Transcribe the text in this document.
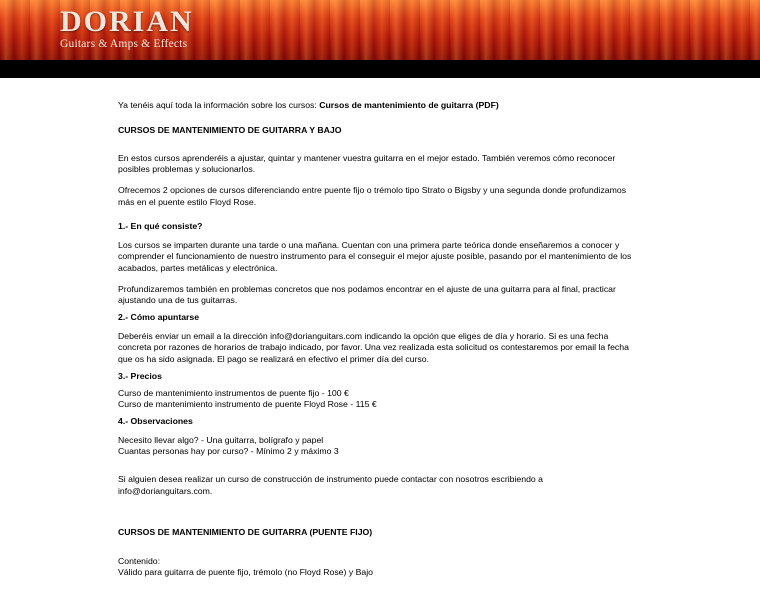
DORIAN
Guitars & Amps & Effects

Ya tenéis aquí toda la información sobre los cursos: Cursos de mantenimiento de guitarra (PDF)

CURSOS DE MANTENIMIENTO DE GUITARRA Y BAJO

En estos cursos aprenderéis a ajustar, quintar y mantener vuestra guitarra en el mejor estado. También veremos cómo reconocer
posibles problemas y solucionarlos.

Ofrecemos 2 opciones de cursos diferenciando entre puente fijo o trémolo tipo Strato o Bigsby y una segunda donde profundizamos
más en el puente estilo Floyd Rose.

1.- En qué consiste?

Los cursos se imparten durante una tarde o una mañana. Cuentan con una primera parte teórica donde enseñaremos a conocer y
comprender el funcionamiento de nuestro instrumento para el conseguir el mejor ajuste posible, pasando por el mantenimiento de los
acabados, partes metálicas y electrónica.

Profundizaremos también en problemas concretos que nos podamos encontrar en el ajuste de una guitarra para al final, practicar
ajustando una de tus guitarras.

2.- Cómo apuntarse

Deberéis enviar un email a la dirección info@dorianguitars.com indicando la opción que eliges de día y horario. Si es una fecha
concreta por razones de horarios de trabajo indicado, por favor. Una vez realizada esta solicitud os contestaremos por email la fecha
que os ha sido asignada. El pago se realizará en efectivo el primer día del curso.

3.- Precios

Curso de mantenimiento instrumentos de puente fijo - 100 €
Curso de mantenimiento instrumento de puente Floyd Rose - 115 €

4.- Observaciones

Necesito llevar algo? - Una guitarra, bolígrafo y papel
Cuantas personas hay por curso? - Mínimo 2 y máximo 3

Si alguien desea realizar un curso de construcción de instrumento puede contactar con nosotros escribiendo a info@dorianguitars.com.

CURSOS DE MANTENIMIENTO DE GUITARRA (PUENTE FIJO)

Contenido:
Válido para guitarra de puente fijo, trémolo (no Floyd Rose) y Bajo
